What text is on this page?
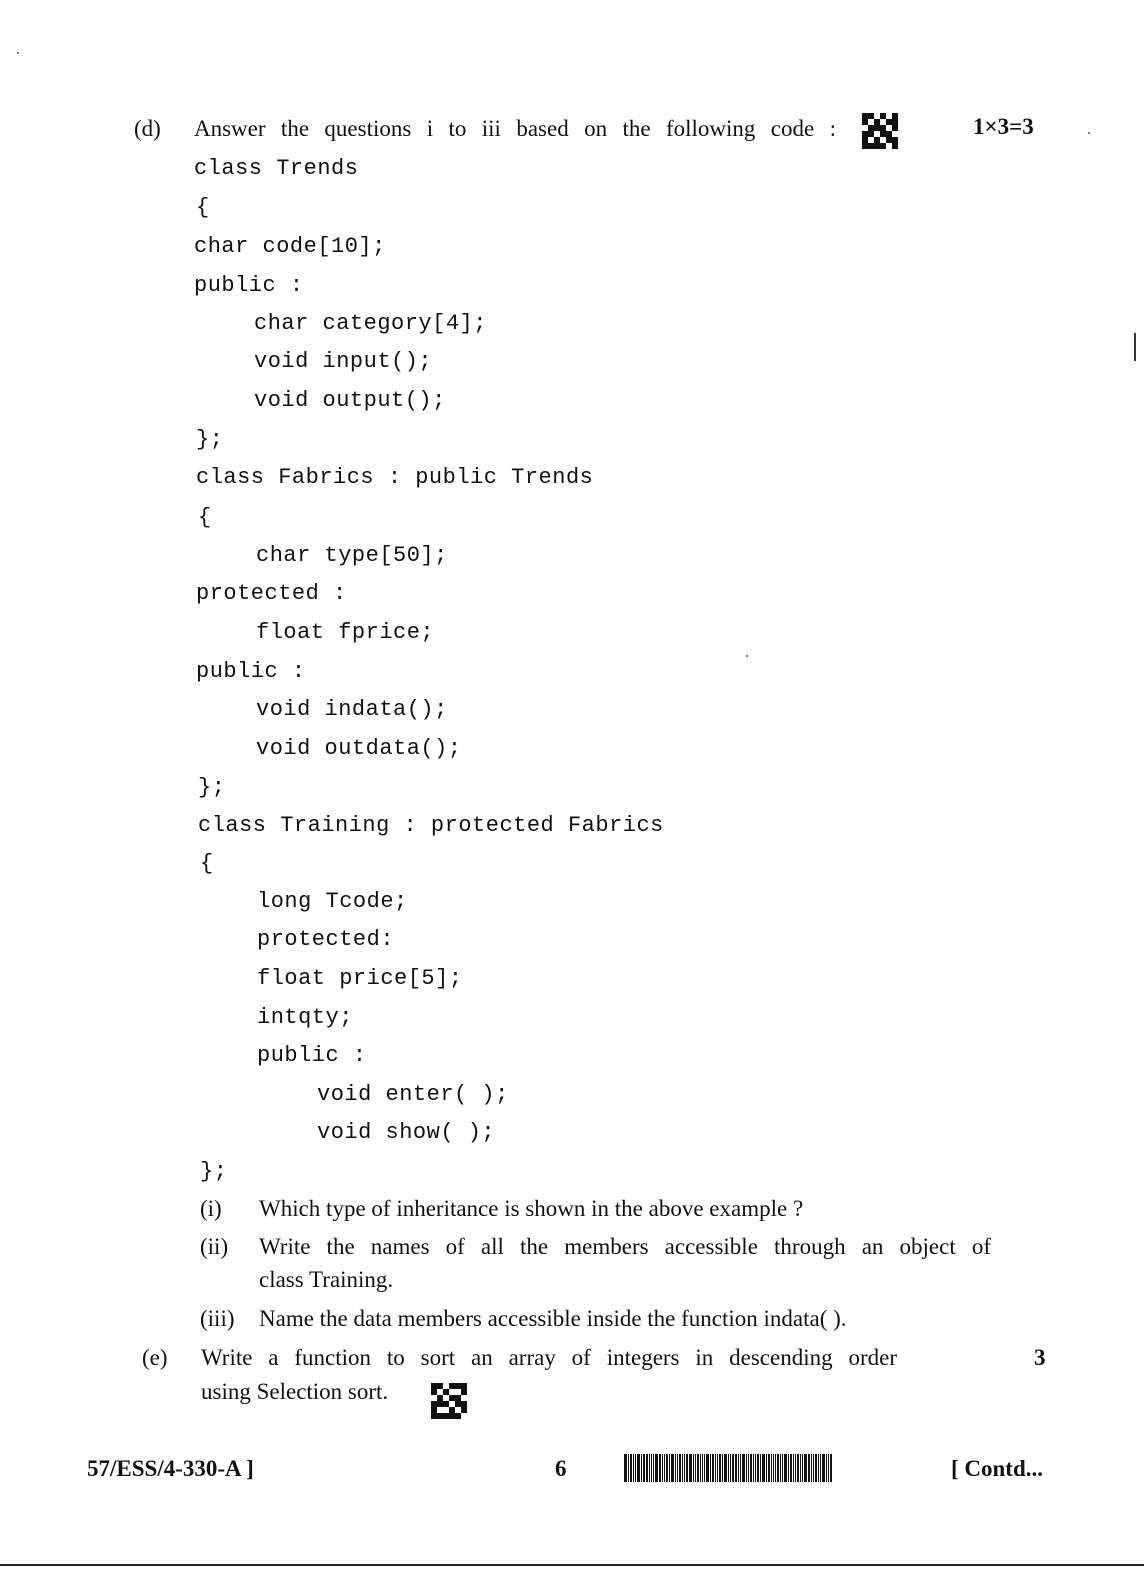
(d) Answer the questions i to iii based on the following code :	1×3=3
class Trends
{
char code[10];
public :
char category[4];
void input();
void output();
};
class Fabrics : public Trends
{
char type[50];
protected :
float fprice;
public :
void indata();
void outdata();
};
class Training : protected Fabrics
{
long Tcode;
protected:
float price[5];
intqty;
public :
void enter( );
void show( );
};
(i) Which type of inheritance is shown in the above example ?
(ii) Write the names of all the members accessible through an object of
class Training.
(iii) Name the data members accessible inside the function indata( ).
(e) Write a function to sort an array of integers in descending order
using Selection sort.
3
57/ESS/4-330-A ]	6	[ Contd...
